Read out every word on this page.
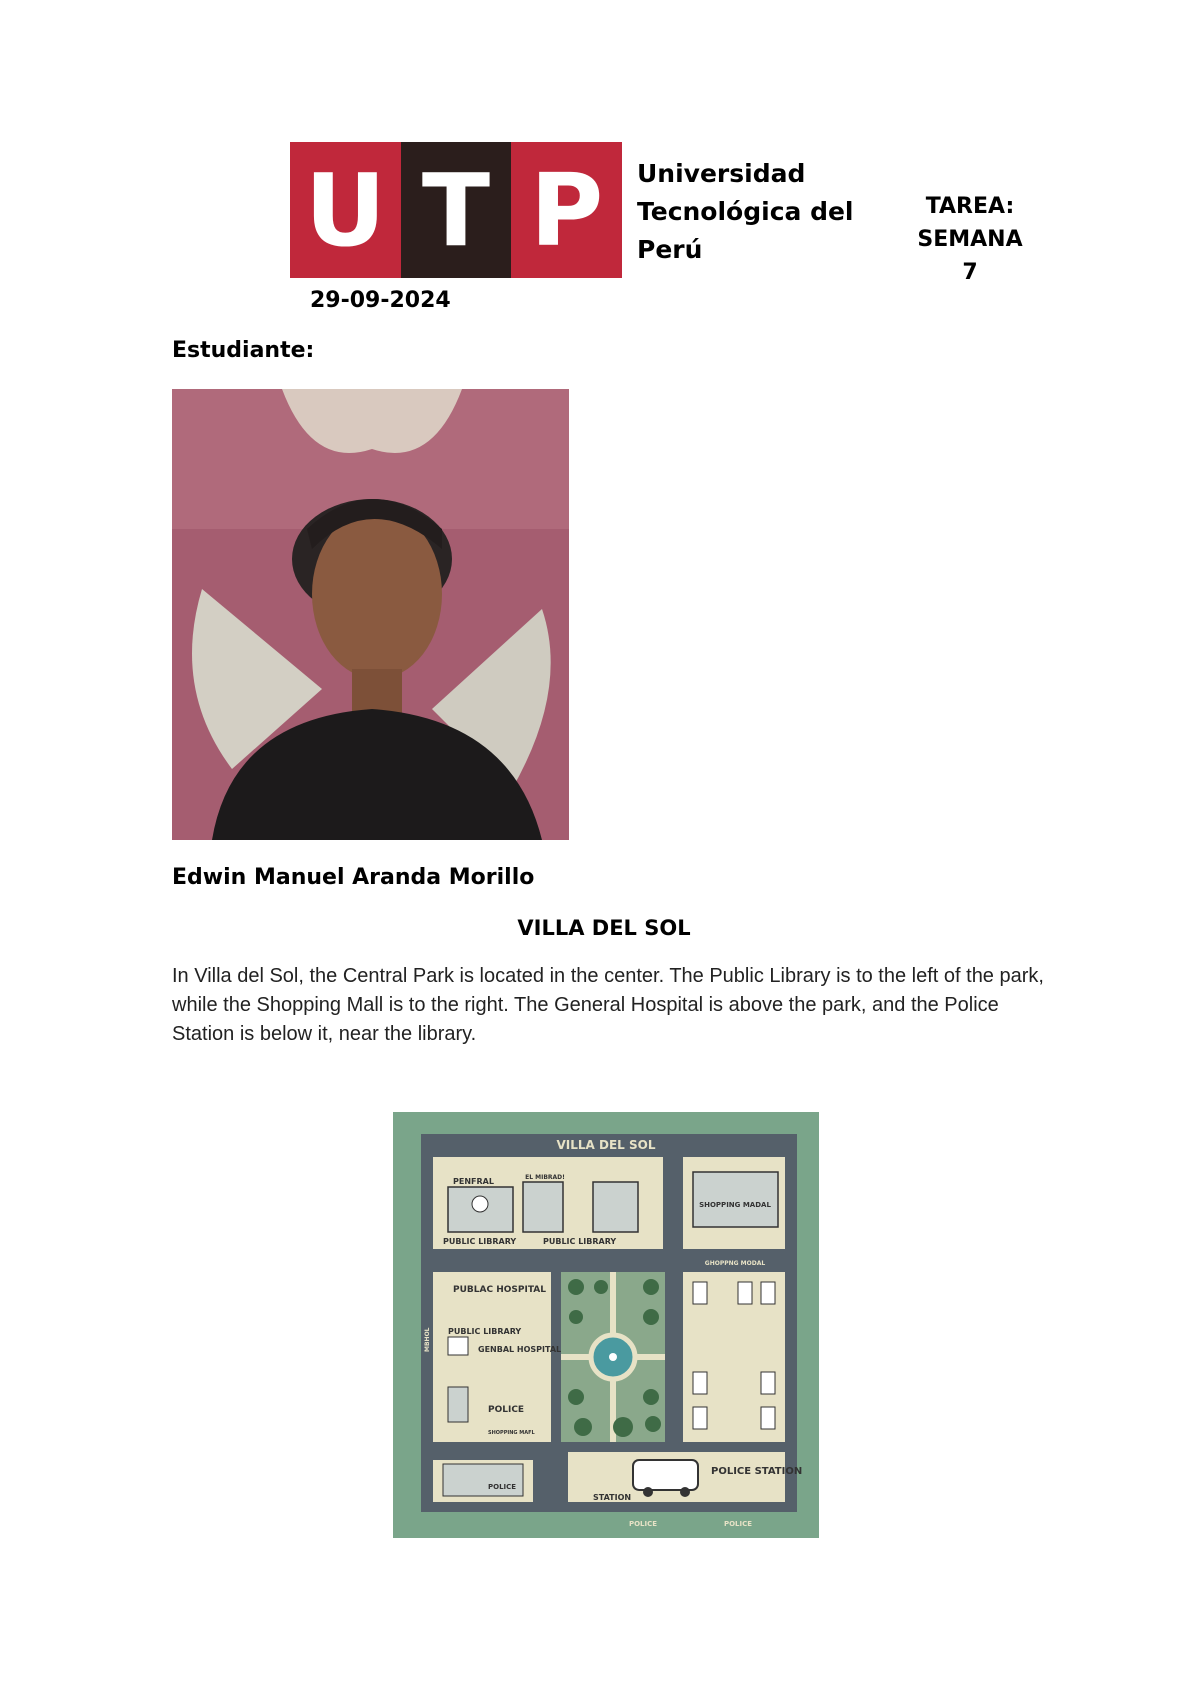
U T P	Universidad
Tecnológica del
Perú
TAREA:
SEMANA
7
29-09-2024
Estudiante:
Edwin Manuel Aranda Morillo
VILLA DEL SOL
In Villa del Sol, the Central Park is located in the center. The Public Library is to the left of the park, while the Shopping Mall is to the right. The General Hospital is above the park, and the Police Station is below it, near the library.
VILLA DEL SOL
PENFRAL	EL MIBRAD!
PUBLIC LIBRARY	PUBLIC LIBRARY
SHOPPING MADAL
GHOPPNG MODAL
PUBLAC HOSPITAL
PUBLIC LIBRARY
GENBAL HOSPITAL
POLICE
SHOPPING MAFL
MBHOL
POLICE
STATION
POLICE STATION
POLICE	POLICE
